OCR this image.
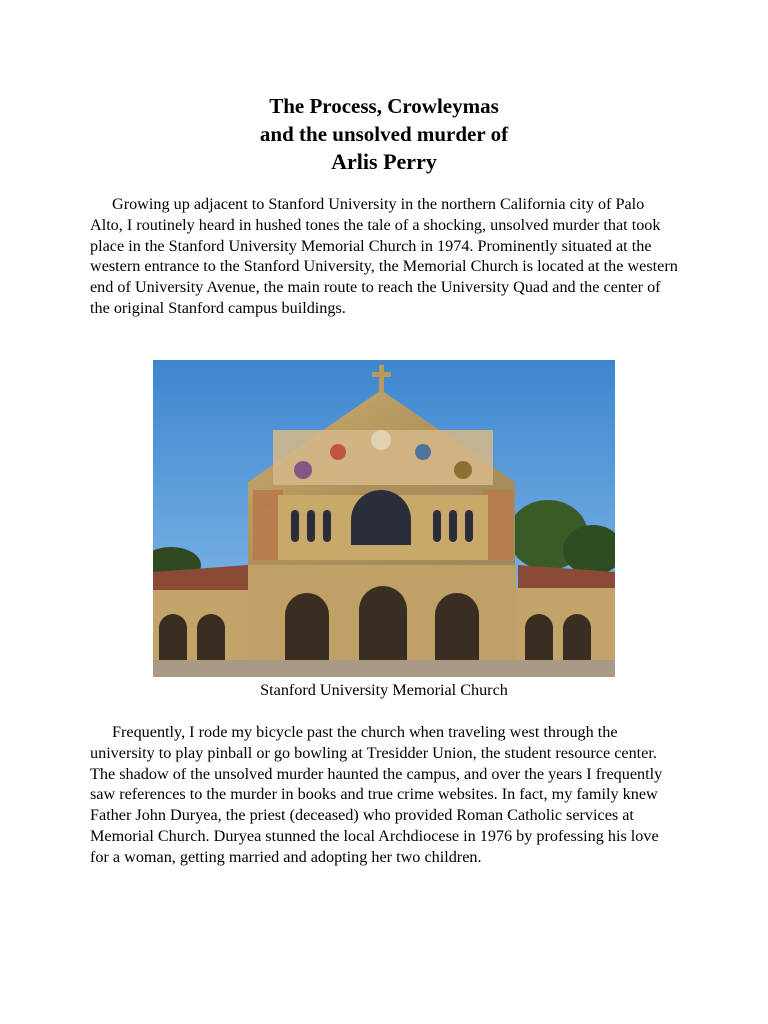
The Process, Crowleymas
and the unsolved murder of
Arlis Perry

Growing up adjacent to Stanford University in the northern California city of Palo Alto, I routinely heard in hushed tones the tale of a shocking, unsolved murder that took place in the Stanford University Memorial Church in 1974. Prominently situated at the western entrance to the Stanford University, the Memorial Church is located at the western end of University Avenue, the main route to reach the University Quad and the center of the original Stanford campus buildings.

Stanford University Memorial Church

Frequently, I rode my bicycle past the church when traveling west through the university to play pinball or go bowling at Tresidder Union, the student resource center. The shadow of the unsolved murder haunted the campus, and over the years I frequently saw references to the murder in books and true crime websites. In fact, my family knew Father John Duryea, the priest (deceased) who provided Roman Catholic services at Memorial Church. Duryea stunned the local Archdiocese in 1976 by professing his love for a woman, getting married and adopting her two children.
